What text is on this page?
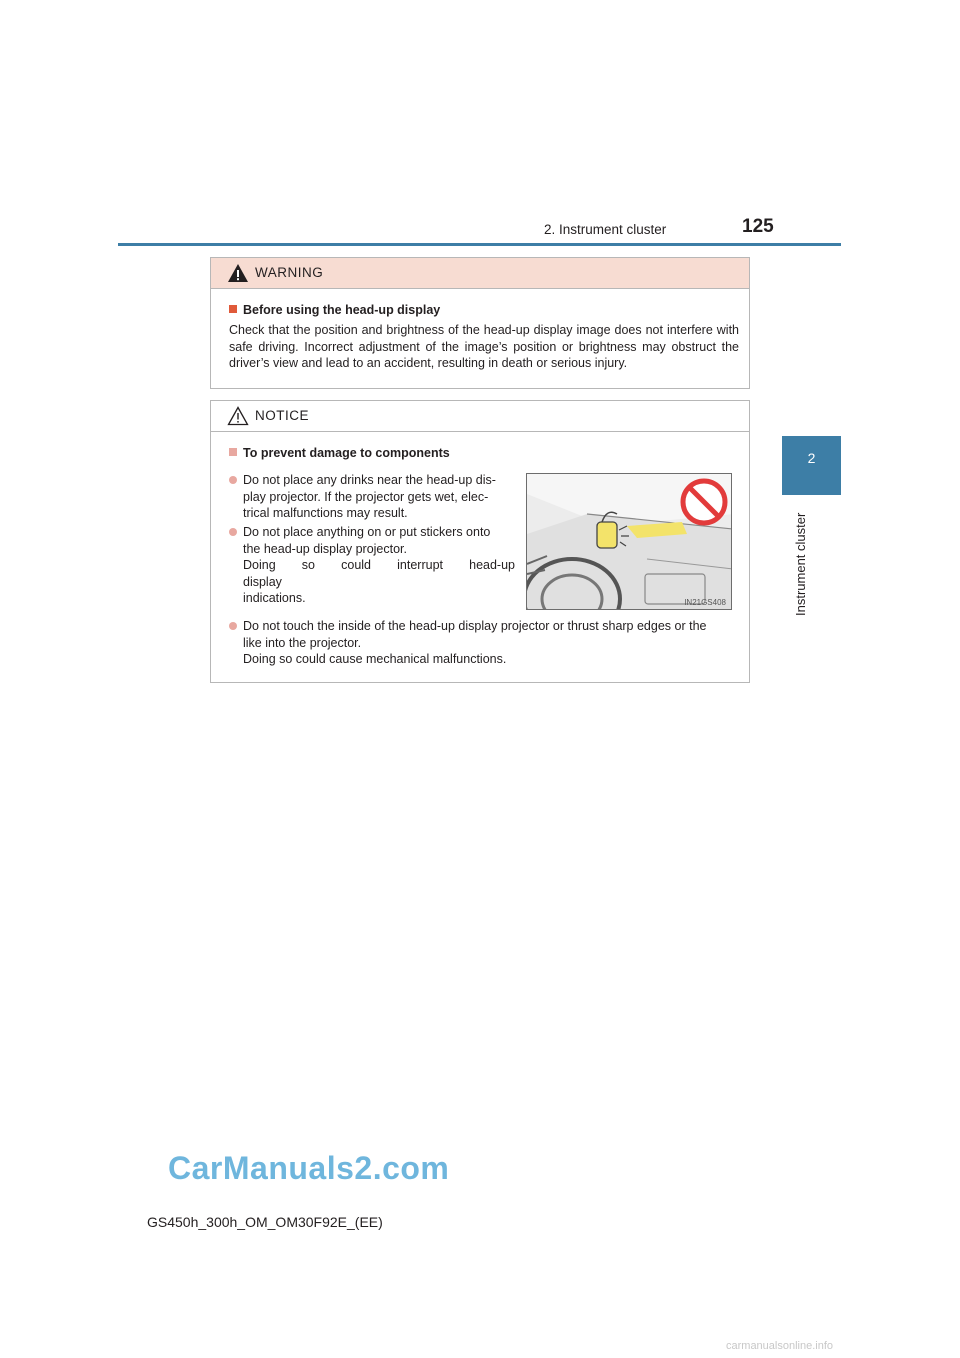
2. Instrument cluster	125
2
Instrument cluster
WARNING
Before using the head-up display
Check that the position and brightness of the head-up display image does not interfere with safe driving. Incorrect adjustment of the image’s position or brightness may obstruct the driver’s view and lead to an accident, resulting in death or serious injury.
NOTICE
To prevent damage to components
Do not place any drinks near the head-up dis-
play projector. If the projector gets wet, elec-
trical malfunctions may result.
Do not place anything on or put stickers onto
the head-up display projector.
Doing so could interrupt head-up display
indications.	IN21GS408
Do not touch the inside of the head-up display projector or thrust sharp edges or the
like into the projector.
Doing so could cause mechanical malfunctions.
CarManuals2.com
GS450h_300h_OM_OM30F92E_(EE)
carmanualsonline.info
